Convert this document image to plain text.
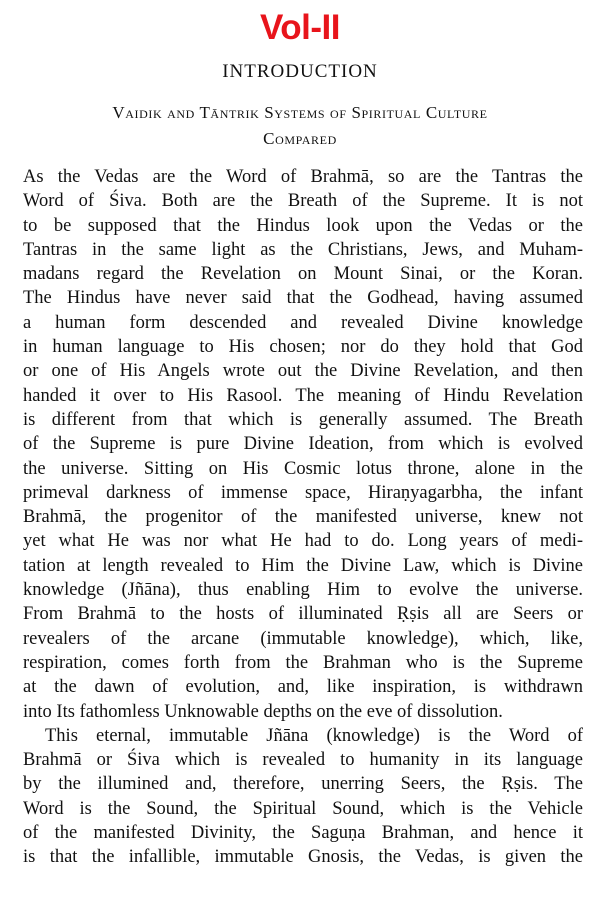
Vol-II
INTRODUCTION
Vaidik and Tāntrik Systems of Spiritual Culture
Compared
As the Vedas are the Word of Brahmā, so are the Tantras the
Word of Śiva. Both are the Breath of the Supreme. It is not
to be supposed that the Hindus look upon the Vedas or the
Tantras in the same light as the Christians, Jews, and Muham-
madans regard the Revelation on Mount Sinai, or the Koran.
The Hindus have never said that the Godhead, having assumed
a human form descended and revealed Divine knowledge
in human language to His chosen; nor do they hold that God
or one of His Angels wrote out the Divine Revelation, and then
handed it over to His Rasool. The meaning of Hindu Revelation
is different from that which is generally assumed. The Breath
of the Supreme is pure Divine Ideation, from which is evolved
the universe. Sitting on His Cosmic lotus throne, alone in the
primeval darkness of immense space, Hiraṇyagarbha, the infant
Brahmā, the progenitor of the manifested universe, knew not
yet what He was nor what He had to do. Long years of medi-
tation at length revealed to Him the Divine Law, which is Divine
knowledge (Jñāna), thus enabling Him to evolve the universe.
From Brahmā to the hosts of illuminated Ṛṣis all are Seers or
revealers of the arcane (immutable knowledge), which, like,
respiration, comes forth from the Brahman who is the Supreme
at the dawn of evolution, and, like inspiration, is withdrawn
into Its fathomless Unknowable depths on the eve of dissolution.
This eternal, immutable Jñāna (knowledge) is the Word of
Brahmā or Śiva which is revealed to humanity in its language
by the illumined and, therefore, unerring Seers, the Ṛṣis. The
Word is the Sound, the Spiritual Sound, which is the Vehicle
of the manifested Divinity, the Saguṇa Brahman, and hence it
is that the infallible, immutable Gnosis, the Vedas, is given the
